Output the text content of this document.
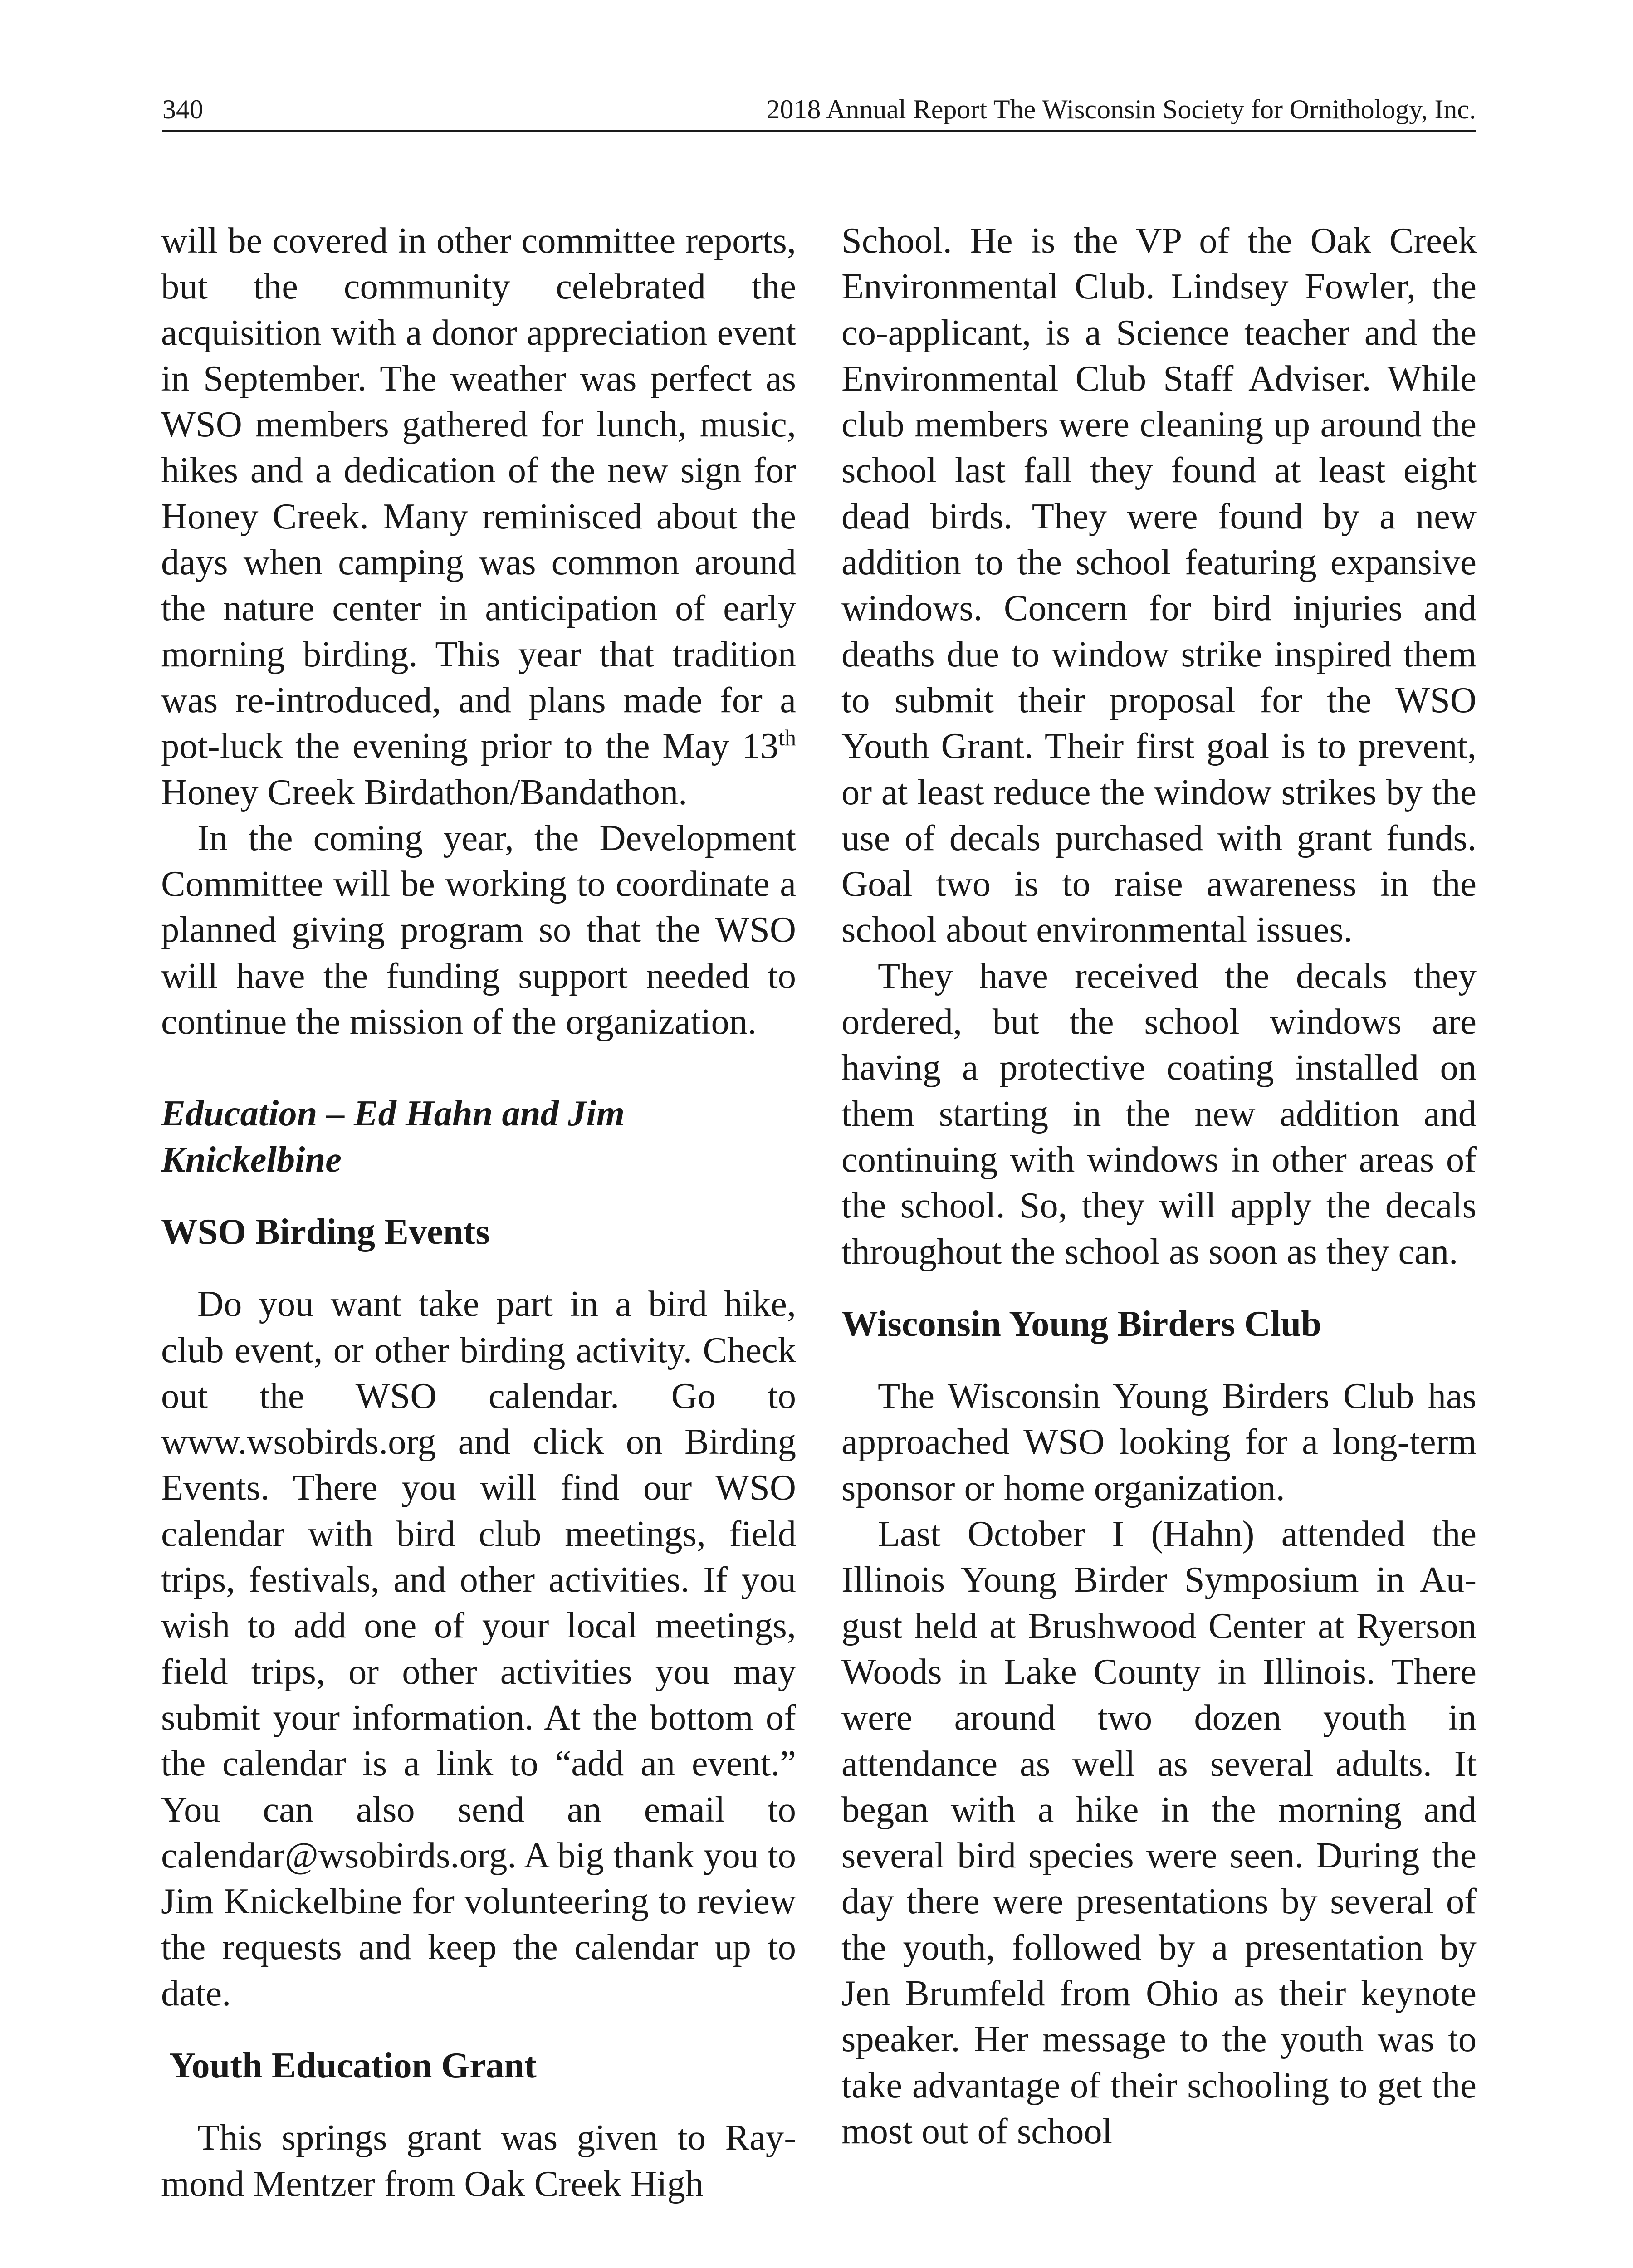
340	2018 Annual Report The Wisconsin Society for Ornithology, Inc.

will be covered in other committee reports, but the community celebrated the acquisition with a donor appreciation event in September. The weather was perfect as WSO members gathered for lunch, music, hikes and a dedication of the new sign for Honey Creek. Many reminisced about the days when camping was common around the nature center in anticipation of early morning birding. This year that tradition was re-introduced, and plans made for a pot-luck the evening prior to the May 13th Honey Creek Birdathon/Bandathon.

In the coming year, the Development Committee will be working to coordinate a planned giving program so that the WSO will have the funding support needed to continue the mission of the organization.

Education – Ed Hahn and Jim Knickelbine

WSO Birding Events

Do you want take part in a bird hike, club event, or other birding activity. Check out the WSO calendar. Go to www.wsobirds.org and click on Birding Events. There you will find our WSO calendar with bird club meetings, field trips, festivals, and other activities. If you wish to add one of your local meetings, field trips, or other activities you may submit your information. At the bottom of the calendar is a link to “add an event.” You can also send an email to calendar@wsobirds.org. A big thank you to Jim Knickelbine for volunteering to review the requests and keep the calendar up to date.

Youth Education Grant

This springs grant was given to Raymond Mentzer from Oak Creek High

School. He is the VP of the Oak Creek Environmental Club. Lindsey Fowler, the co-applicant, is a Science teacher and the Environmental Club Staff Adviser. While club members were cleaning up around the school last fall they found at least eight dead birds. They were found by a new addition to the school featuring expansive windows. Concern for bird injuries and deaths due to window strike inspired them to submit their proposal for the WSO Youth Grant. Their first goal is to prevent, or at least reduce the window strikes by the use of decals purchased with grant funds. Goal two is to raise awareness in the school about environmental issues.

They have received the decals they ordered, but the school windows are having a protective coating installed on them starting in the new addition and continuing with windows in other areas of the school. So, they will apply the decals throughout the school as soon as they can.

Wisconsin Young Birders Club

The Wisconsin Young Birders Club has approached WSO looking for a long-term sponsor or home organization.

Last October I (Hahn) attended the Illinois Young Birder Symposium in August held at Brushwood Center at Ryerson Woods in Lake County in Illinois. There were around two dozen youth in attendance as well as several adults. It began with a hike in the morning and several bird species were seen. During the day there were presentations by several of the youth, followed by a presentation by Jen Brumfeld from Ohio as their keynote speaker. Her message to the youth was to take advantage of their schooling to get the most out of school
